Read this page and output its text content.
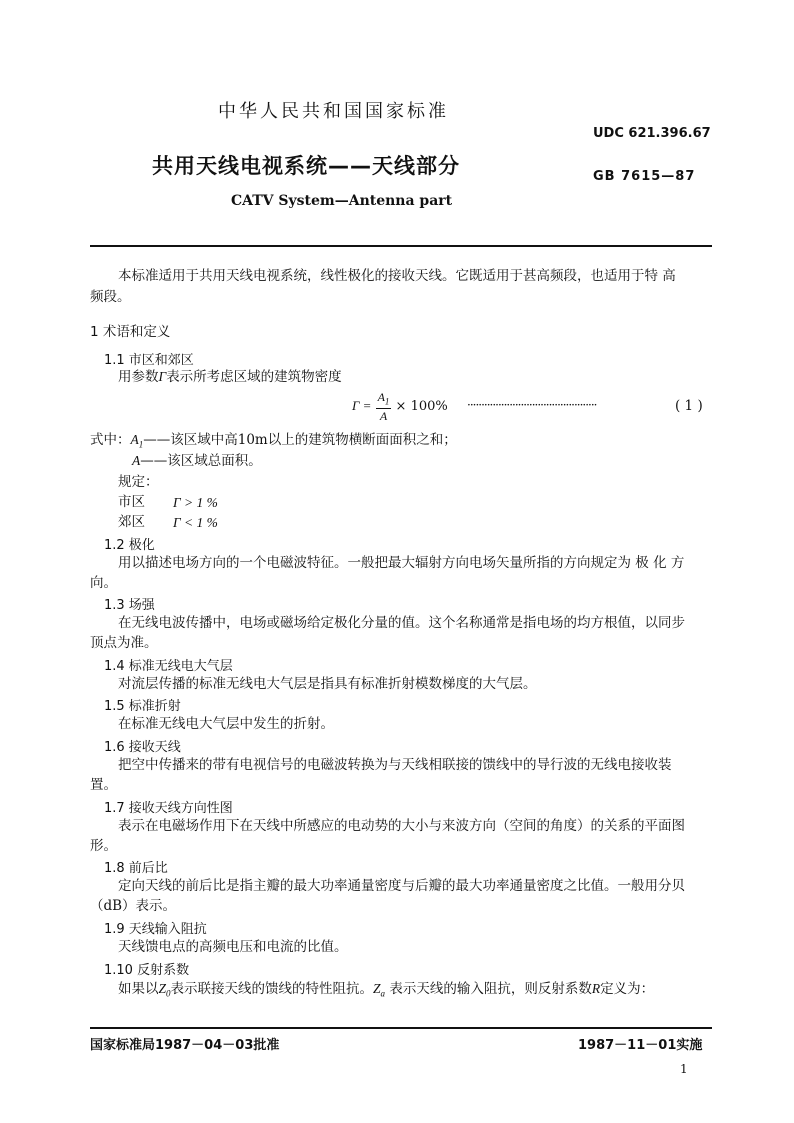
中华人民共和国国家标准
UDC 621.396.67
共用天线电视系统——天线部分	GB 7615—87
CATV System—Antenna part
本标准适用于共用天线电视系统，线性极化的接收天线。它既适用于甚高频段，也适用于特 高
频段。
1 术语和定义
1.1 市区和郊区
用参数Γ表示所考虑区域的建筑物密度
$\Gamma = \frac{A_1}{A} \times 100\%$ ··············································	( 1 )
式中：$A_1——$该区域中高10m以上的建筑物横断面面积之和；
A——该区域总面积。
规定：
市区 Γ > 1 %
郊区 Γ < 1 %
1.2 极化
用以描述电场方向的一个电磁波特征。一般把最大辐射方向电场矢量所指的方向规定为 极 化 方
向。
1.3 场强
在无线电波传播中，电场或磁场给定极化分量的值。这个名称通常是指电场的均方根值，以同步
顶点为准。
1.4 标准无线电大气层
对流层传播的标准无线电大气层是指具有标准折射模数梯度的大气层。
1.5 标准折射
在标准无线电大气层中发生的折射。
1.6 接收天线
把空中传播来的带有电视信号的电磁波转换为与天线相联接的馈线中的导行波的无线电接收装
置。
1.7 接收天线方向性图
表示在电磁场作用下在天线中所感应的电动势的大小与来波方向（空间的角度）的关系的平面图
形。
1.8 前后比
定向天线的前后比是指主瓣的最大功率通量密度与后瓣的最大功率通量密度之比值。一般用分贝
（dB）表示。
1.9 天线输入阻抗
天线馈电点的高频电压和电流的比值。
1.10 反射系数
如果以$Z_0$表示联接天线的馈线的特性阻抗。$Z_a$ 表示天线的输入阻抗，则反射系数R定义为：
国家标准局1987－04－03批准	1987－11－01实施
1
